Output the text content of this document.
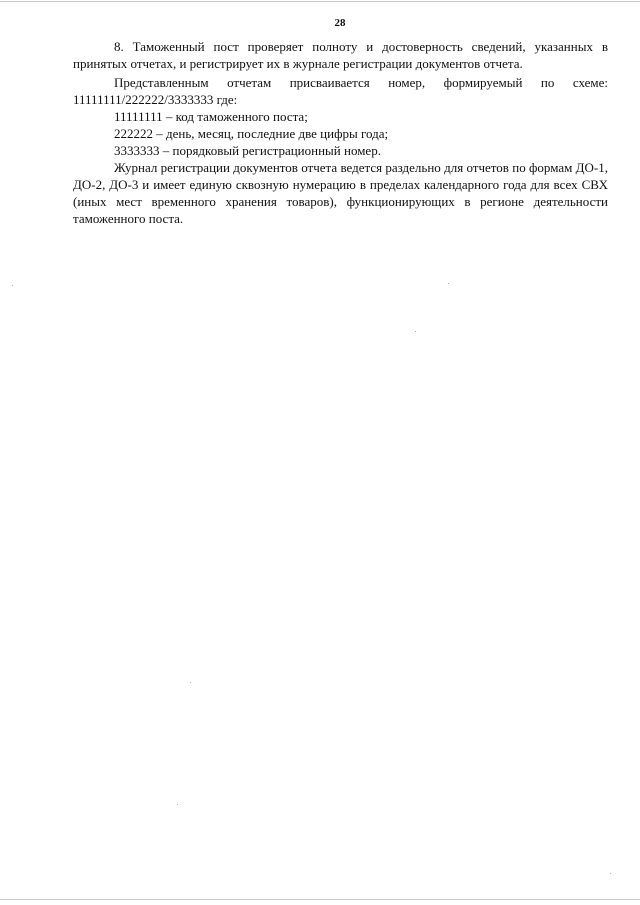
28

8. Таможенный пост проверяет полноту и достоверность сведений, указанных в принятых отчетах, и регистрирует их в журнале регистрации документов отчета.

Представленным отчетам присваивается номер, формируемый по схеме: 11111111/222222/3333333 где:

11111111 – код таможенного поста;

222222 – день, месяц, последние две цифры года;

3333333 – порядковый регистрационный номер.

Журнал регистрации документов отчета ведется раздельно для отчетов по формам ДО-1, ДО-2, ДО-3 и имеет единую сквозную нумерацию в пределах календарного года для всех СВХ (иных мест временного хранения товаров), функционирующих в регионе деятельности таможенного поста.
